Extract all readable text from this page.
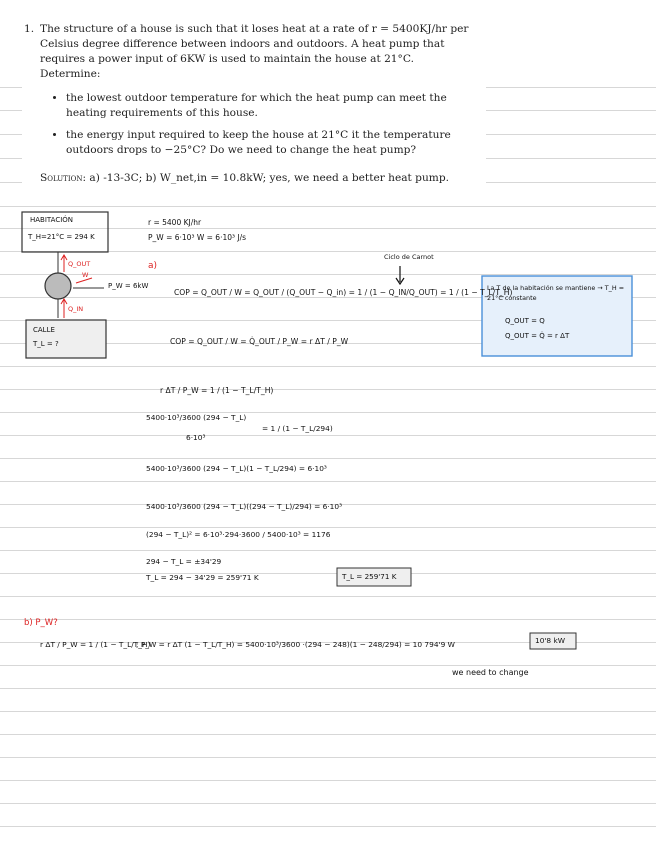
1. The structure of a house is such that it loses heat at a rate of r = 5400KJ/hr per Celsius degree difference between indoors and outdoors. A heat pump that requires a power input of 6KW is used to maintain the house at 21°C. Determine:
• the lowest outdoor temperature for which the heat pump can meet the heating requirements of this house.
• the energy input required to keep the house at 21°C it the temperature outdoors drops to −25°C? Do we need to change the heat pump?
Solution: a) -13-3C; b) W_net,in = 10.8kW; yes, we need a better heat pump.
HABITACIÓN
T_H=21°C = 294 K
Q_OUT
W
Q_IN
P_W = 6kW
CALLE
T_L = ?
r = 5400 KJ/hr
P_W = 6·10³ W = 6·10³ J/s
a)
Ciclo de Carnot
COP = Q_OUT / W = Q_OUT / (Q_OUT − Q_in) = 1 / (1 − Q_IN/Q_OUT) = 1 / (1 − T_L/T_H)
La T de la habitación se mantiene → T_H = 21°C constante
Q_OUT = Q
Q_OUT = Q̇ = r ΔT
COP = Q_OUT / W = Q̇_OUT / P_W = r ΔT / P_W
r ΔT / P_W = 1 / (1 − T_L/T_H)
5400·10³/3600 (294 − T_L)
6·10³
= 1 / (1 − T_L/294)
5400·10³/3600 (294 − T_L)(1 − T_L/294) = 6·10³
5400·10³/3600 (294 − T_L)((294 − T_L)/294) = 6·10³
(294 − T_L)² = 6·10³·294·3600 / 5400·10³ = 1176
294 − T_L = ±34'29
T_L = 294 − 34'29 = 259'71 K	T_L = 259'71 K
b) P_W?
r ΔT / P_W = 1 / (1 − T_L/T_H)
; P_W = r ΔT (1 − T_L/T_H) = 5400·10³/3600 ·(294 − 248)(1 − 248/294) = 10 794'9 W	10'8 kW
we need to change
